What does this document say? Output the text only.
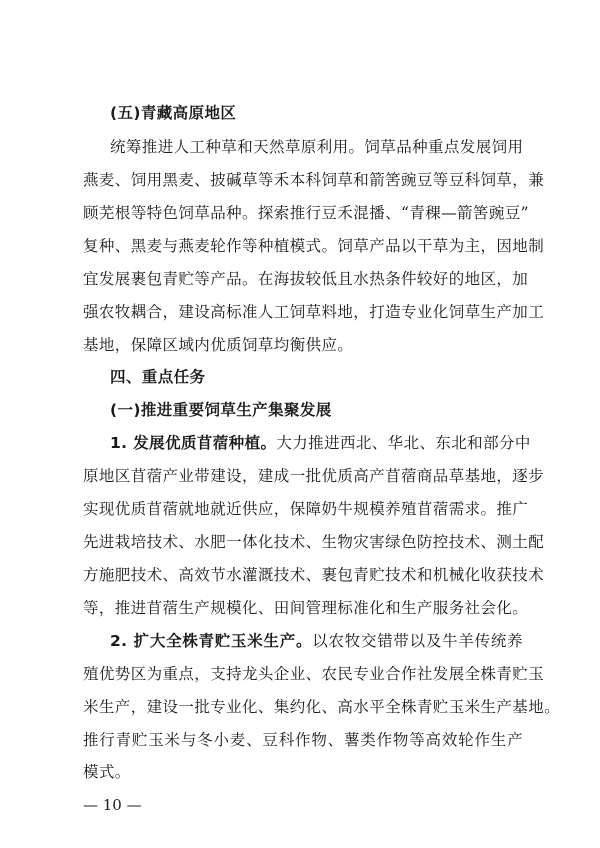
(五)青藏高原地区
统筹推进人工种草和天然草原利用。饲草品种重点发展饲用
燕麦、饲用黑麦、披碱草等禾本科饲草和箭筈豌豆等豆科饲草，兼
顾芜根等特色饲草品种。探索推行豆禾混播、“青稞—箭筈豌豆”
复种、黑麦与燕麦轮作等种植模式。饲草产品以干草为主，因地制
宜发展裹包青贮等产品。在海拔较低且水热条件较好的地区，加
强农牧耦合，建设高标准人工饲草料地，打造专业化饲草生产加工
基地，保障区域内优质饲草均衡供应。
四、重点任务
(一)推进重要饲草生产集聚发展
1. 发展优质苜蓿种植。大力推进西北、华北、东北和部分中
原地区苜蓿产业带建设，建成一批优质高产苜蓿商品草基地，逐步
实现优质苜蓿就地就近供应，保障奶牛规模养殖苜蓿需求。推广
先进栽培技术、水肥一体化技术、生物灾害绿色防控技术、测土配
方施肥技术、高效节水灌溉技术、裹包青贮技术和机械化收获技术
等，推进苜蓿生产规模化、田间管理标准化和生产服务社会化。
2. 扩大全株青贮玉米生产。以农牧交错带以及牛羊传统养
殖优势区为重点，支持龙头企业、农民专业合作社发展全株青贮玉
米生产，建设一批专业化、集约化、高水平全株青贮玉米生产基地。
推行青贮玉米与冬小麦、豆科作物、薯类作物等高效轮作生产
模式。
— 10 —
